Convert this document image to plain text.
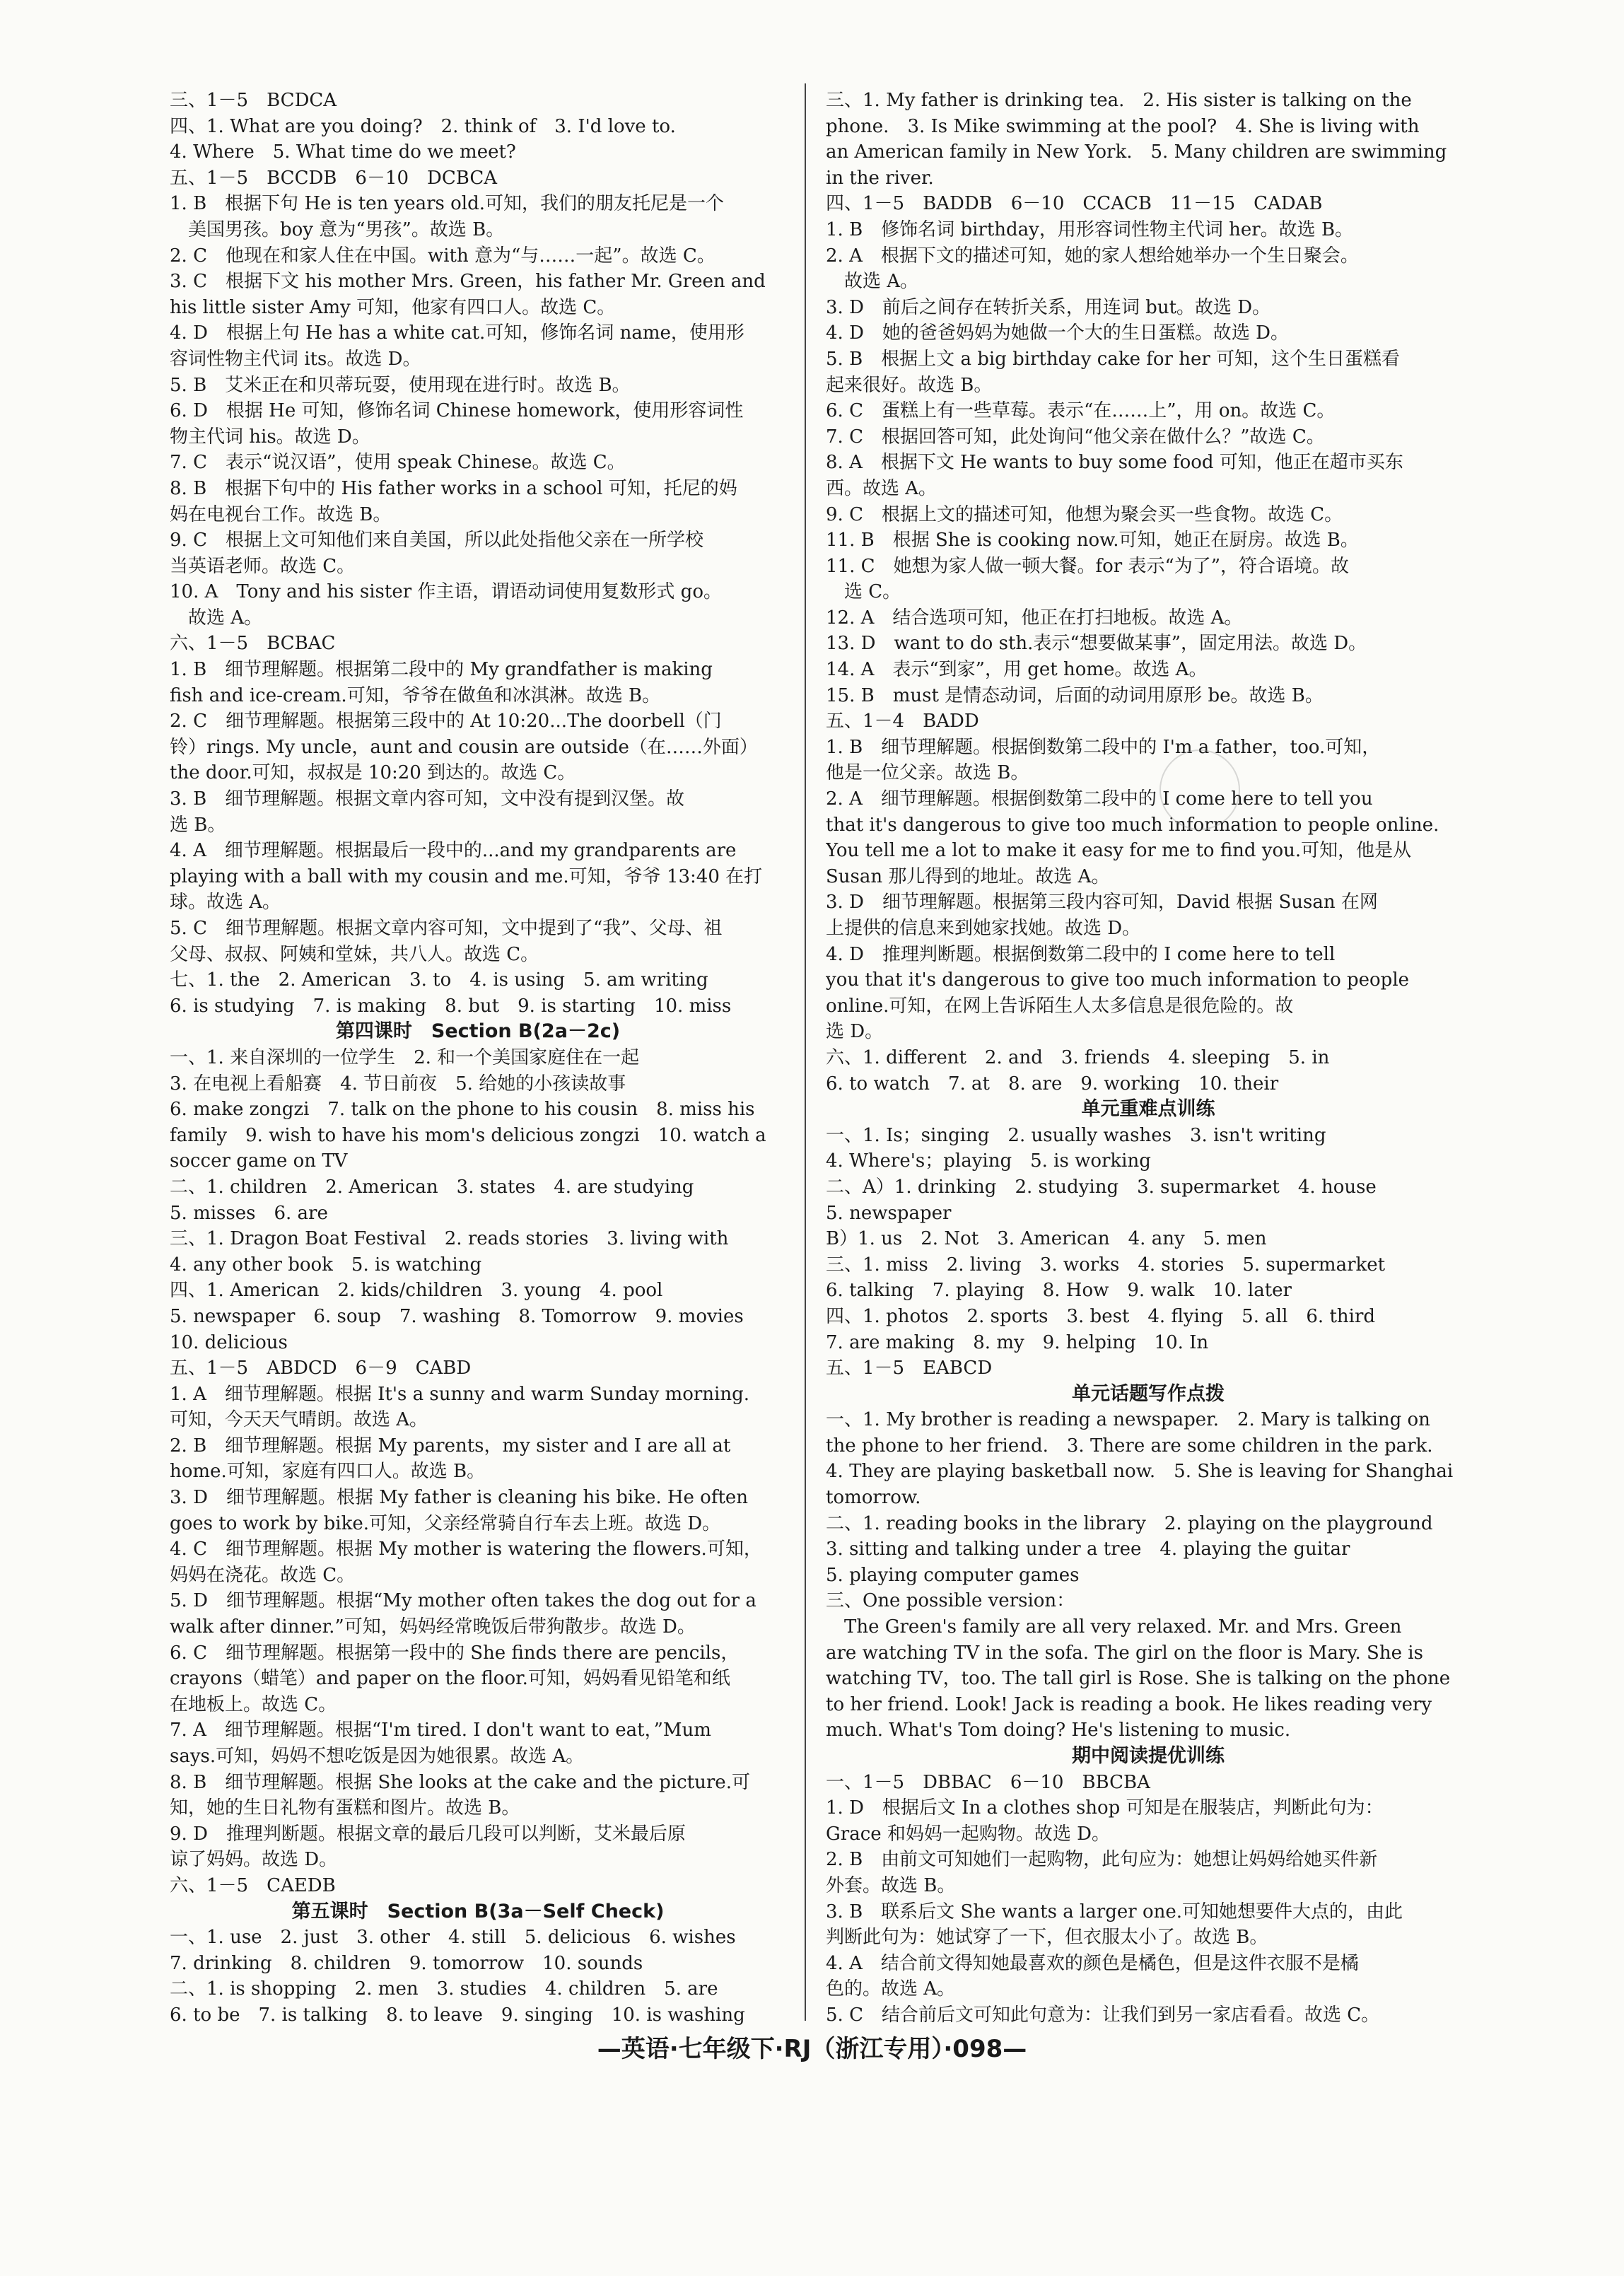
三、1－5　BCDCA
四、1. What are you doing?　2. think of　3. I'd love to.
4. Where　5. What time do we meet?
五、1－5　BCCDB　6－10　DCBCA
1. B　根据下句 He is ten years old.可知，我们的朋友托尼是一个
　美国男孩。boy 意为“男孩”。故选 B。
2. C　他现在和家人住在中国。with 意为“与……一起”。故选 C。
3. C　根据下文 his mother Mrs. Green，his father Mr. Green and
his little sister Amy 可知，他家有四口人。故选 C。
4. D　根据上句 He has a white cat.可知，修饰名词 name，使用形
容词性物主代词 its。故选 D。
5. B　艾米正在和贝蒂玩耍，使用现在进行时。故选 B。
6. D　根据 He 可知，修饰名词 Chinese homework，使用形容词性
物主代词 his。故选 D。
7. C　表示“说汉语”，使用 speak Chinese。故选 C。
8. B　根据下句中的 His father works in a school 可知，托尼的妈
妈在电视台工作。故选 B。
9. C　根据上文可知他们来自美国，所以此处指他父亲在一所学校
当英语老师。故选 C。
10. A　Tony and his sister 作主语，谓语动词使用复数形式 go。
　故选 A。
六、1－5　BCBAC
1. B　细节理解题。根据第二段中的 My grandfather is making
fish and ice-cream.可知，爷爷在做鱼和冰淇淋。故选 B。
2. C　细节理解题。根据第三段中的 At 10:20...The doorbell（门
铃）rings. My uncle，aunt and cousin are outside（在……外面）
the door.可知，叔叔是 10:20 到达的。故选 C。
3. B　细节理解题。根据文章内容可知，文中没有提到汉堡。故
选 B。
4. A　细节理解题。根据最后一段中的...and my grandparents are
playing with a ball with my cousin and me.可知，爷爷 13:40 在打
球。故选 A。
5. C　细节理解题。根据文章内容可知，文中提到了“我”、父母、祖
父母、叔叔、阿姨和堂妹，共八人。故选 C。
七、1. the　2. American　3. to　4. is using　5. am writing
6. is studying　7. is making　8. but　9. is starting　10. miss
第四课时　Section B(2a－2c)
一、1. 来自深圳的一位学生　2. 和一个美国家庭住在一起
3. 在电视上看船赛　4. 节日前夜　5. 给她的小孩读故事
6. make zongzi　7. talk on the phone to his cousin　8. miss his
family　9. wish to have his mom's delicious zongzi　10. watch a
soccer game on TV
二、1. children　2. American　3. states　4. are studying
5. misses　6. are
三、1. Dragon Boat Festival　2. reads stories　3. living with
4. any other book　5. is watching
四、1. American　2. kids/children　3. young　4. pool
5. newspaper　6. soup　7. washing　8. Tomorrow　9. movies
10. delicious
五、1－5　ABDCD　6－9　CABD
1. A　细节理解题。根据 It's a sunny and warm Sunday morning.
可知，今天天气晴朗。故选 A。
2. B　细节理解题。根据 My parents，my sister and I are all at
home.可知，家庭有四口人。故选 B。
3. D　细节理解题。根据 My father is cleaning his bike. He often
goes to work by bike.可知，父亲经常骑自行车去上班。故选 D。
4. C　细节理解题。根据 My mother is watering the flowers.可知，
妈妈在浇花。故选 C。
5. D　细节理解题。根据“My mother often takes the dog out for a
walk after dinner.”可知，妈妈经常晚饭后带狗散步。故选 D。
6. C　细节理解题。根据第一段中的 She finds there are pencils，
crayons（蜡笔）and paper on the floor.可知，妈妈看见铅笔和纸
在地板上。故选 C。
7. A　细节理解题。根据“I'm tired. I don't want to eat，”Mum
says.可知，妈妈不想吃饭是因为她很累。故选 A。
8. B　细节理解题。根据 She looks at the cake and the picture.可
知，她的生日礼物有蛋糕和图片。故选 B。
9. D　推理判断题。根据文章的最后几段可以判断，艾米最后原
谅了妈妈。故选 D。
六、1－5　CAEDB
第五课时　Section B(3a－Self Check)
一、1. use　2. just　3. other　4. still　5. delicious　6. wishes
7. drinking　8. children　9. tomorrow　10. sounds
二、1. is shopping　2. men　3. studies　4. children　5. are
6. to be　7. is talking　8. to leave　9. singing　10. is washing
三、1. My father is drinking tea.　2. His sister is talking on the
phone.　3. Is Mike swimming at the pool?　4. She is living with
an American family in New York.　5. Many children are swimming
in the river.
四、1－5　BADDB　6－10　CCACB　11－15　CADAB
1. B　修饰名词 birthday，用形容词性物主代词 her。故选 B。
2. A　根据下文的描述可知，她的家人想给她举办一个生日聚会。
　故选 A。
3. D　前后之间存在转折关系，用连词 but。故选 D。
4. D　她的爸爸妈妈为她做一个大的生日蛋糕。故选 D。
5. B　根据上文 a big birthday cake for her 可知，这个生日蛋糕看
起来很好。故选 B。
6. C　蛋糕上有一些草莓。表示“在……上”，用 on。故选 C。
7. C　根据回答可知，此处询问“他父亲在做什么？”故选 C。
8. A　根据下文 He wants to buy some food 可知，他正在超市买东
西。故选 A。
9. C　根据上文的描述可知，他想为聚会买一些食物。故选 C。
11. B　根据 She is cooking now.可知，她正在厨房。故选 B。
11. C　她想为家人做一顿大餐。for 表示“为了”，符合语境。故
　选 C。
12. A　结合选项可知，他正在打扫地板。故选 A。
13. D　want to do sth.表示“想要做某事”，固定用法。故选 D。
14. A　表示“到家”，用 get home。故选 A。
15. B　must 是情态动词，后面的动词用原形 be。故选 B。
五、1－4　BADD
1. B　细节理解题。根据倒数第二段中的 I'm a father，too.可知，
他是一位父亲。故选 B。
2. A　细节理解题。根据倒数第二段中的 I come here to tell you
that it's dangerous to give too much information to people online.
You tell me a lot to make it easy for me to find you.可知，他是从
Susan 那儿得到的地址。故选 A。
3. D　细节理解题。根据第三段内容可知，David 根据 Susan 在网
上提供的信息来到她家找她。故选 D。
4. D　推理判断题。根据倒数第二段中的 I come here to tell
you that it's dangerous to give too much information to people
online.可知，在网上告诉陌生人太多信息是很危险的。故
选 D。
六、1. different　2. and　3. friends　4. sleeping　5. in
6. to watch　7. at　8. are　9. working　10. their
单元重难点训练
一、1. Is；singing　2. usually washes　3. isn't writing
4. Where's；playing　5. is working
二、A）1. drinking　2. studying　3. supermarket　4. house
5. newspaper
B）1. us　2. Not　3. American　4. any　5. men
三、1. miss　2. living　3. works　4. stories　5. supermarket
6. talking　7. playing　8. How　9. walk　10. later
四、1. photos　2. sports　3. best　4. flying　5. all　6. third
7. are making　8. my　9. helping　10. In
五、1－5　EABCD
单元话题写作点拨
一、1. My brother is reading a newspaper.　2. Mary is talking on
the phone to her friend.　3. There are some children in the park.
4. They are playing basketball now.　5. She is leaving for Shanghai
tomorrow.
二、1. reading books in the library　2. playing on the playground
3. sitting and talking under a tree　4. playing the guitar
5. playing computer games
三、One possible version：
　The Green's family are all very relaxed. Mr. and Mrs. Green
are watching TV in the sofa. The girl on the floor is Mary. She is
watching TV，too. The tall girl is Rose. She is talking on the phone
to her friend. Look! Jack is reading a book. He likes reading very
much. What's Tom doing? He's listening to music.
期中阅读提优训练
一、1－5　DBBAC　6－10　BBCBA
1. D　根据后文 In a clothes shop 可知是在服装店，判断此句为：
Grace 和妈妈一起购物。故选 D。
2. B　由前文可知她们一起购物，此句应为：她想让妈妈给她买件新
外套。故选 B。
3. B　联系后文 She wants a larger one.可知她想要件大点的，由此
判断此句为：她试穿了一下，但衣服太小了。故选 B。
4. A　结合前文得知她最喜欢的颜色是橘色，但是这件衣服不是橘
色的。故选 A。
5. C　结合前后文可知此句意为：让我们到另一家店看看。故选 C。
—英语·七年级下·RJ（浙江专用）·098—
